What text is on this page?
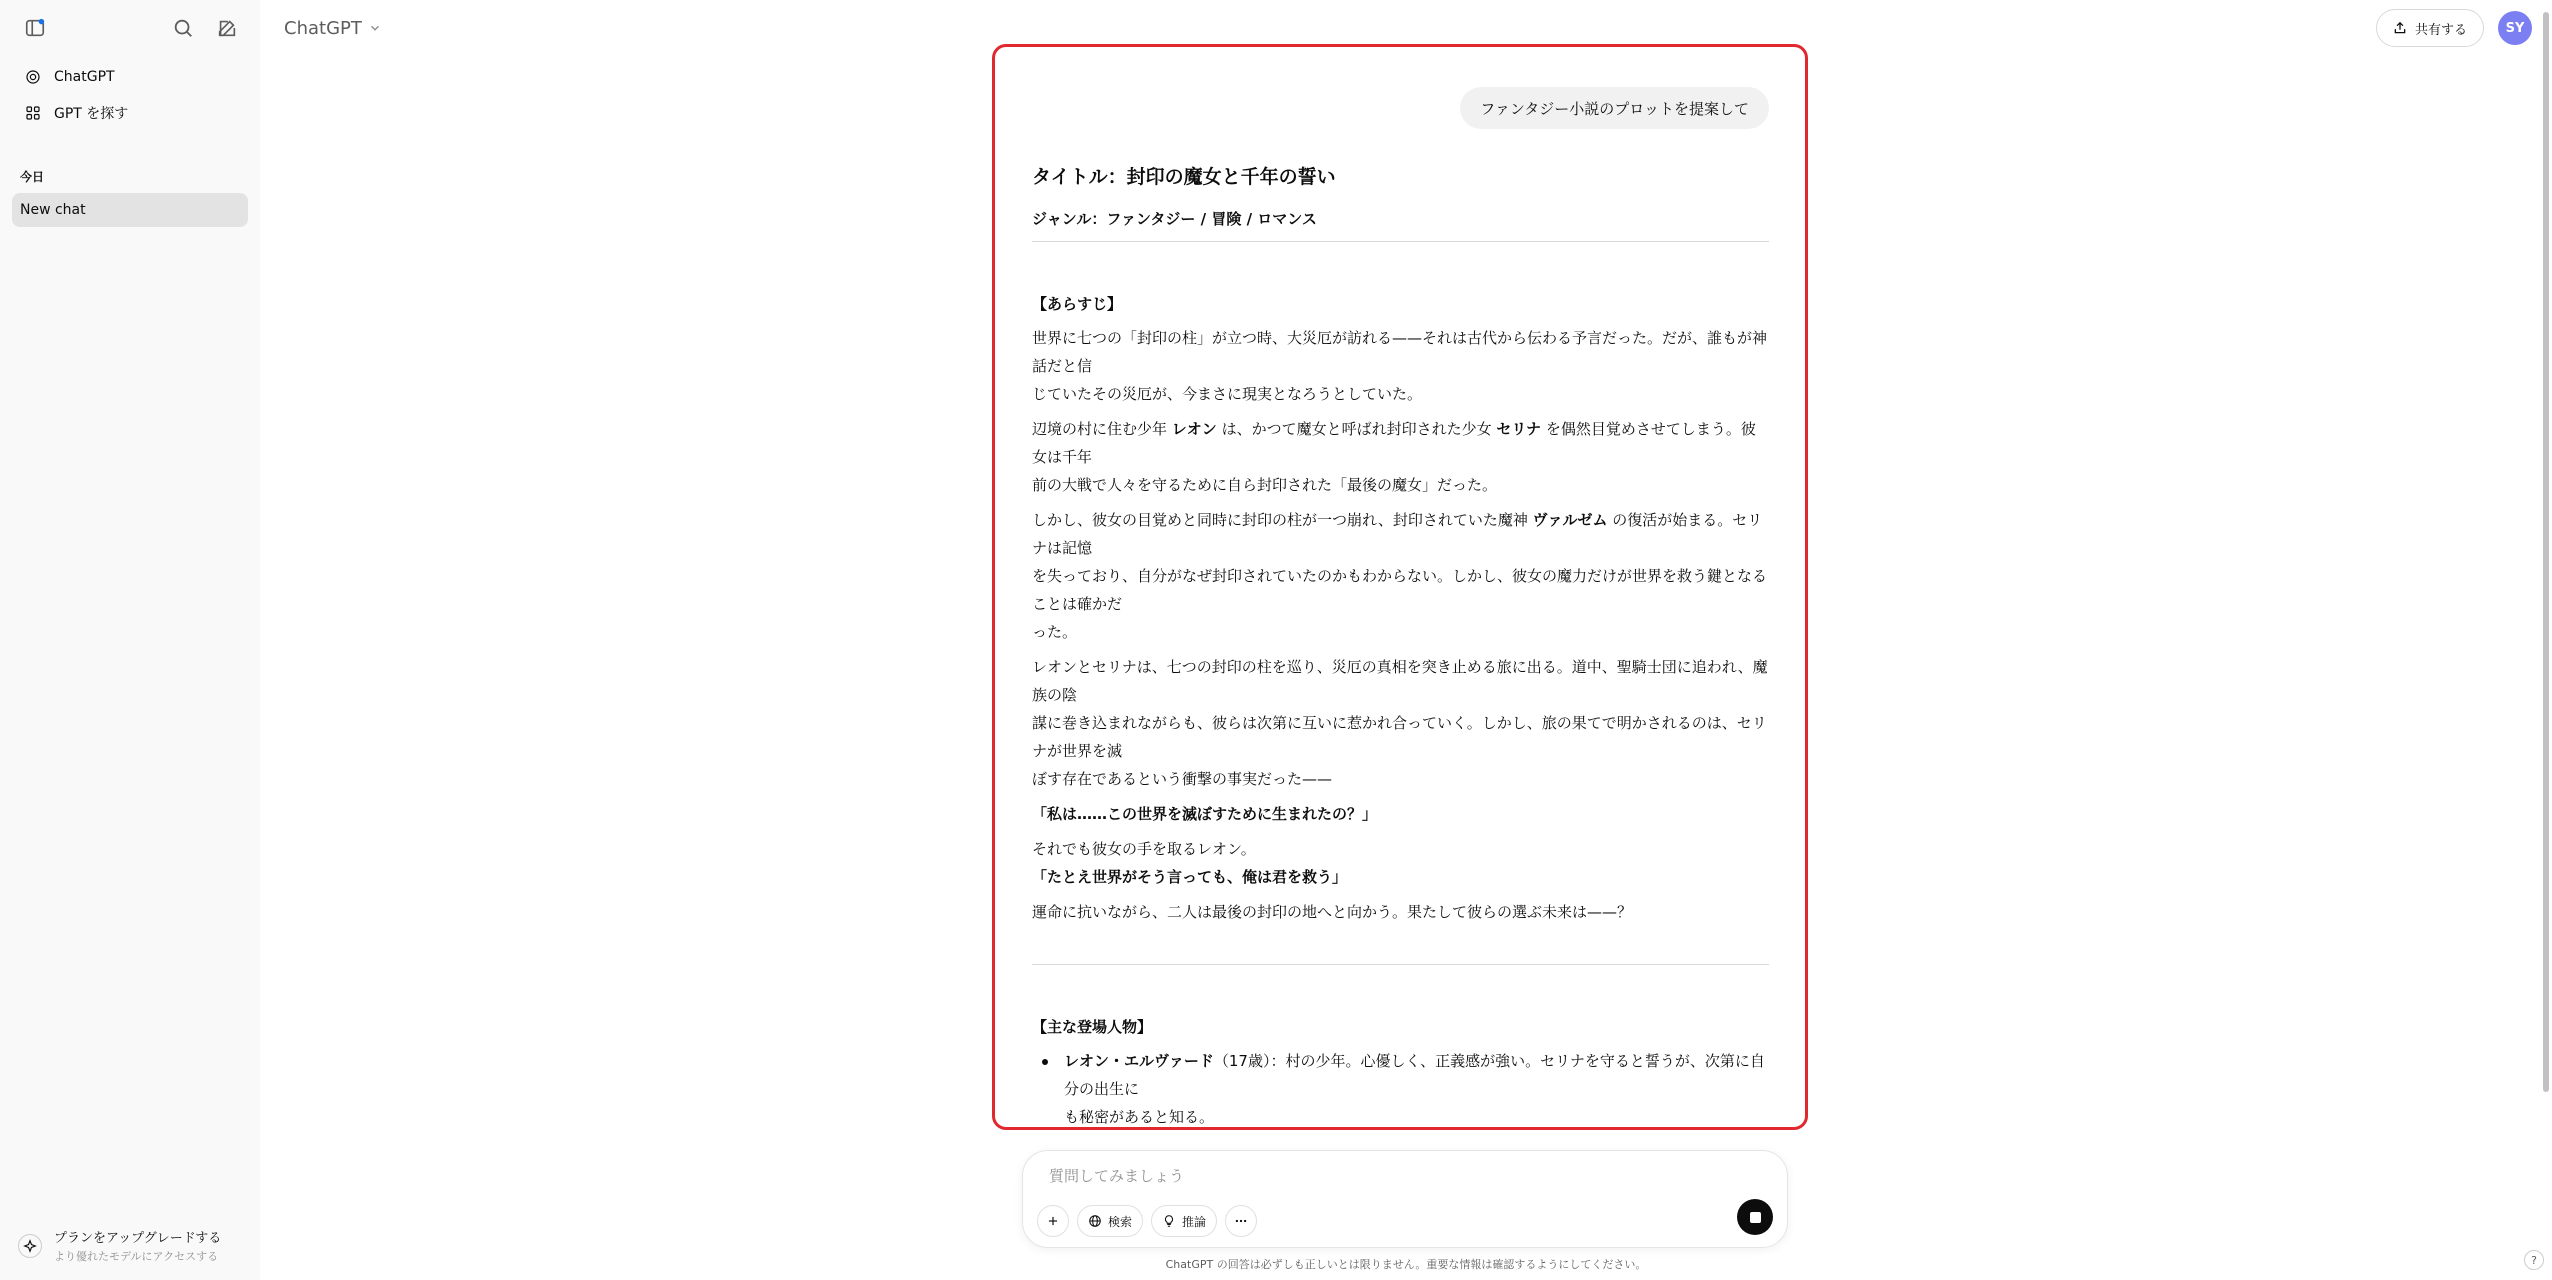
ChatGPT
GPT を探す
今日
New chat
プランをアップグレードする
より優れたモデルにアクセスする
ChatGPT	共有する	SY
ファンタジー小説のプロットを提案して
タイトル：封印の魔女と千年の誓い
ジャンル：ファンタジー / 冒険 / ロマンス
【あらすじ】

世界に七つの「封印の柱」が立つ時、大災厄が訪れる——それは古代から伝わる予言だった。だが、誰もが神話だと信
じていたその災厄が、今まさに現実となろうとしていた。

辺境の村に住む少年 レオン は、かつて魔女と呼ばれ封印された少女 セリナ を偶然目覚めさせてしまう。彼女は千年
前の大戦で人々を守るために自ら封印された「最後の魔女」だった。

しかし、彼女の目覚めと同時に封印の柱が一つ崩れ、封印されていた魔神 ヴァルゼム の復活が始まる。セリナは記憶
を失っており、自分がなぜ封印されていたのかもわからない。しかし、彼女の魔力だけが世界を救う鍵となることは確かだ
った。

レオンとセリナは、七つの封印の柱を巡り、災厄の真相を突き止める旅に出る。道中、聖騎士団に追われ、魔族の陰
謀に巻き込まれながらも、彼らは次第に互いに惹かれ合っていく。しかし、旅の果てで明かされるのは、セリナが世界を滅
ぼす存在であるという衝撃の事実だった——

「私は……この世界を滅ぼすために生まれたの？」

それでも彼女の手を取るレオン。

「たとえ世界がそう言っても、俺は君を救う」

運命に抗いながら、二人は最後の封印の地へと向かう。果たして彼らの選ぶ未来は——？

【主な登場人物】
レオン・エルヴァード（17歳）：村の少年。心優しく、正義感が強い。セリナを守ると誓うが、次第に自分の出生に
も秘密があると知る。
質問してみましょう
検索	推論
ChatGPT の回答は必ずしも正しいとは限りません。重要な情報は確認するようにしてください。	?
